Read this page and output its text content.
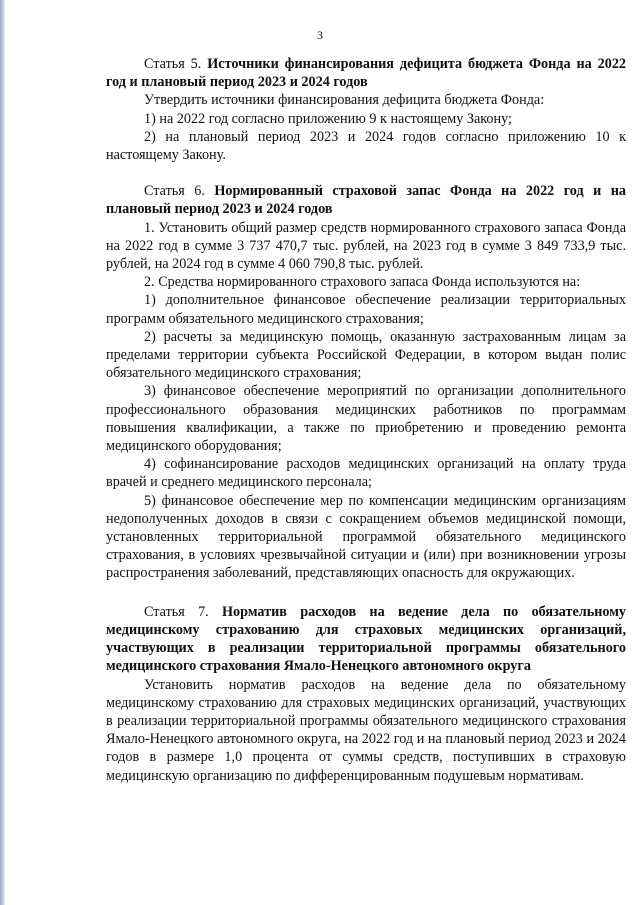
3

Статья 5. Источники финансирования дефицита бюджета Фонда на 2022 год и плановый период 2023 и 2024 годов

Утвердить источники финансирования дефицита бюджета Фонда:

1) на 2022 год согласно приложению 9 к настоящему Закону;

2) на плановый период 2023 и 2024 годов согласно приложению 10 к настоящему Закону.

Статья 6. Нормированный страховой запас Фонда на 2022 год и на плановый период 2023 и 2024 годов

1. Установить общий размер средств нормированного страхового запаса Фонда на 2022 год в сумме 3 737 470,7 тыс. рублей, на 2023 год в сумме 3 849 733,9 тыс. рублей, на 2024 год в сумме 4 060 790,8 тыс. рублей.

2. Средства нормированного страхового запаса Фонда используются на:

1) дополнительное финансовое обеспечение реализации территориальных программ обязательного медицинского страхования;

2) расчеты за медицинскую помощь, оказанную застрахованным лицам за пределами территории субъекта Российской Федерации, в котором выдан полис обязательного медицинского страхования;

3) финансовое обеспечение мероприятий по организации дополнительного профессионального образования медицинских работников по программам повышения квалификации, а также по приобретению и проведению ремонта медицинского оборудования;

4) софинансирование расходов медицинских организаций на оплату труда врачей и среднего медицинского персонала;

5) финансовое обеспечение мер по компенсации медицинским организациям недополученных доходов в связи с сокращением объемов медицинской помощи, установленных территориальной программой обязательного медицинского страхования, в условиях чрезвычайной ситуации и (или) при возникновении угрозы распространения заболеваний, представляющих опасность для окружающих.

Статья 7. Норматив расходов на ведение дела по обязательному медицинскому страхованию для страховых медицинских организаций, участвующих в реализации территориальной программы обязательного медицинского страхования Ямало-Ненецкого автономного округа

Установить норматив расходов на ведение дела по обязательному медицинскому страхованию для страховых медицинских организаций, участвующих в реализации территориальной программы обязательного медицинского страхования Ямало-Ненецкого автономного округа, на 2022 год и на плановый период 2023 и 2024 годов в размере 1,0 процента от суммы средств, поступивших в страховую медицинскую организацию по дифференцированным подушевым нормативам.
